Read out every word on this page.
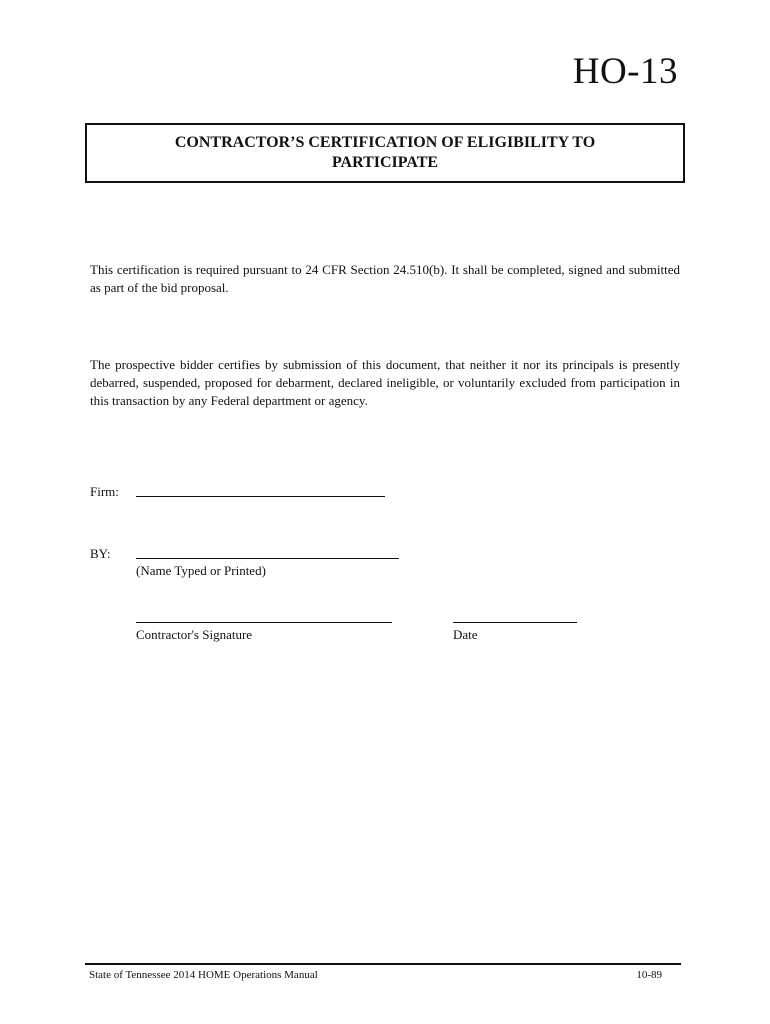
HO-13
CONTRACTOR’S CERTIFICATION OF ELIGIBILITY TO
PARTICIPATE
This certification is required pursuant to 24 CFR Section 24.510(b). It shall be completed, signed and submitted as part of the bid proposal.
The prospective bidder certifies by submission of this document, that neither it nor its principals is presently debarred, suspended, proposed for debarment, declared ineligible, or voluntarily excluded from participation in this transaction by any Federal department or agency.
Firm:
BY:
(Name Typed or Printed)
Contractor's Signature	Date
State of Tennessee 2014 HOME Operations Manual	10-89
